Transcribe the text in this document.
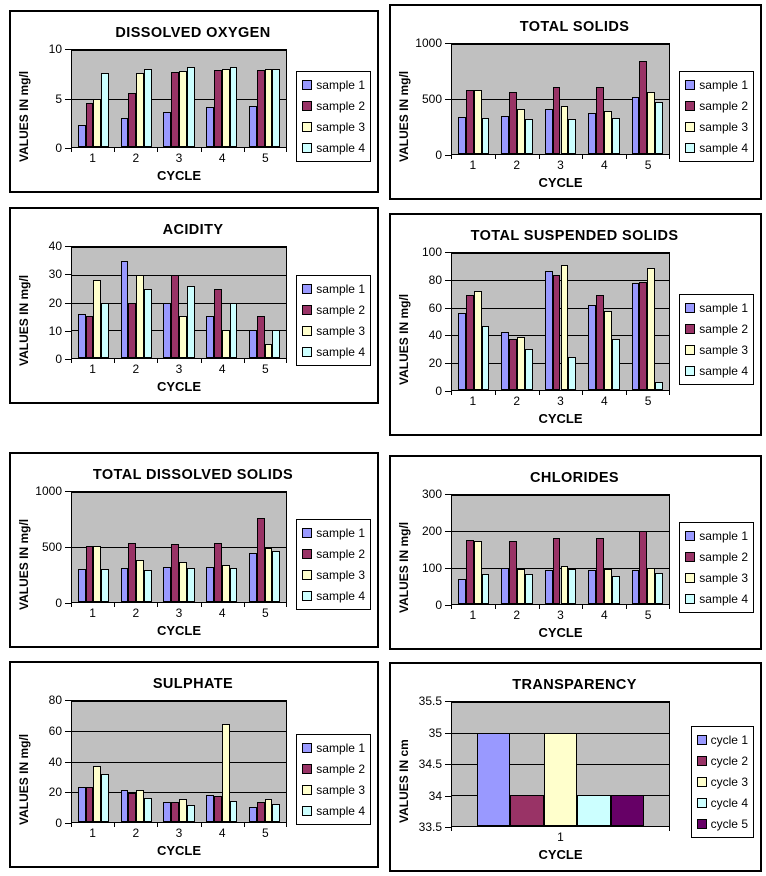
DISSOLVED OXYGEN
VALUES IN mg/l 0
5
10
1	2	3	4	5
CYCLE
sample 1
sample 2
sample 3
sample 4
TOTAL SOLIDS
VALUES IN mg/l 0
500
1000
1	2	3	4	5
CYCLE
sample 1
sample 2
sample 3
sample 4
ACIDITY
VALUES IN mg/l 0
10
20
30
40
1	2	3	4	5
CYCLE
sample 1
sample 2
sample 3
sample 4
TOTAL SUSPENDED SOLIDS
VALUES IN mg/l
0
20
40
60
80
100
1	2	3	4	5
CYCLE
sample 1
sample 2
sample 3
sample 4
TOTAL DISSOLVED SOLIDS
VALUES IN mg/l 0
500
1000
1	2	3	4	5
CYCLE
sample 1
sample 2
sample 3
sample 4
CHLORIDES
VALUES IN mg/l 0
100
200
300
1	2	3	4	5
CYCLE
sample 1
sample 2
sample 3
sample 4
SULPHATE
VALUES IN mg/l 0
20
40
60
80
1	2	3	4	5
CYCLE
sample 1
sample 2
sample 3
sample 4
TRANSPARENCY
VALUES IN cm
33.5
34
34.5
35
35.5
1
CYCLE
cycle 1
cycle 2
cycle 3
cycle 4
cycle 5
